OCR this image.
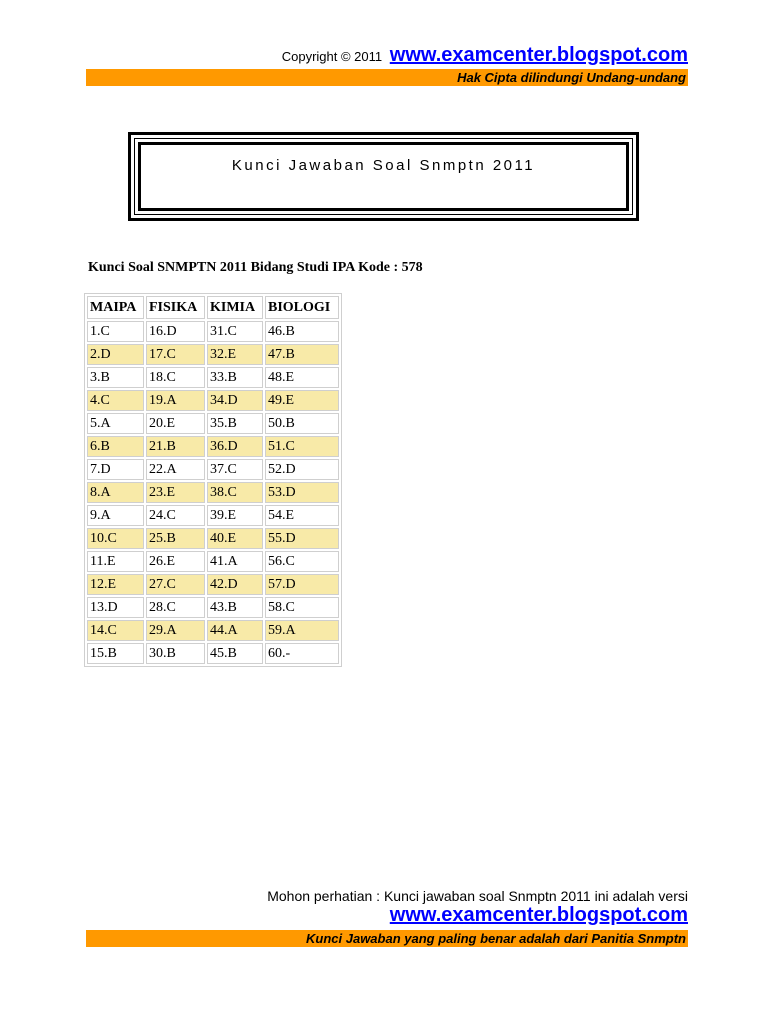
Copyright © 2011 www.examcenter.blogspot.com
Hak Cipta dilindungi Undang-undang
Kunci Jawaban Soal Snmptn 2011
Kunci Soal SNMPTN 2011 Bidang Studi IPA Kode : 578
MAIPA	FISIKA	KIMIA	BIOLOGI
1.C	16.D	31.C	46.B
2.D	17.C	32.E	47.B
3.B	18.C	33.B	48.E
4.C	19.A	34.D	49.E
5.A	20.E	35.B	50.B
6.B	21.B	36.D	51.C
7.D	22.A	37.C	52.D
8.A	23.E	38.C	53.D
9.A	24.C	39.E	54.E
10.C	25.B	40.E	55.D
11.E	26.E	41.A	56.C
12.E	27.C	42.D	57.D
13.D	28.C	43.B	58.C
14.C	29.A	44.A	59.A
15.B	30.B	45.B	60.-
Mohon perhatian : Kunci jawaban soal Snmptn 2011 ini adalah versi
www.examcenter.blogspot.com
Kunci Jawaban yang paling benar adalah dari Panitia Snmptn
